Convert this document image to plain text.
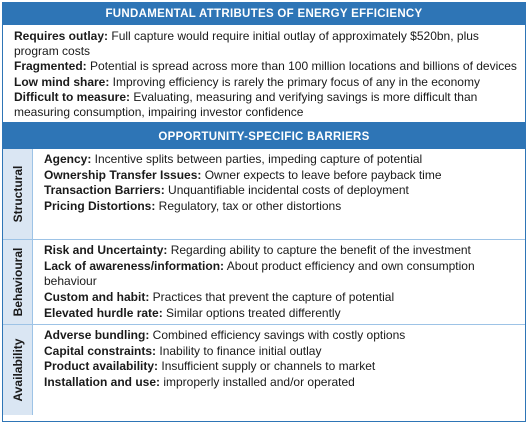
FUNDAMENTAL ATTRIBUTES OF ENERGY EFFICIENCY

Requires outlay: Full capture would require initial outlay of approximately $520bn, plus program costs

Fragmented: Potential is spread across more than 100 million locations and billions of devices

Low mind share: Improving efficiency is rarely the primary focus of any in the economy

Difficult to measure: Evaluating, measuring and verifying savings is more difficult than measuring consumption, impairing investor confidence

OPPORTUNITY-SPECIFIC BARRIERS
Structural

Agency: Incentive splits between parties, impeding capture of potential

Ownership Transfer Issues: Owner expects to leave before payback time

Transaction Barriers: Unquantifiable incidental costs of deployment

Pricing Distortions: Regulatory, tax or other distortions

Behavioural Risk and Uncertainty: Regarding ability to capture the benefit of the investment

Lack of awareness/information: About product efficiency and own consumption behaviour

Custom and habit: Practices that prevent the capture of potential

Elevated hurdle rate: Similar options treated differently

Availability

Adverse bundling: Combined efficiency savings with costly options

Capital constraints: Inability to finance initial outlay

Product availability: Insufficient supply or channels to market

Installation and use: improperly installed and/or operated
